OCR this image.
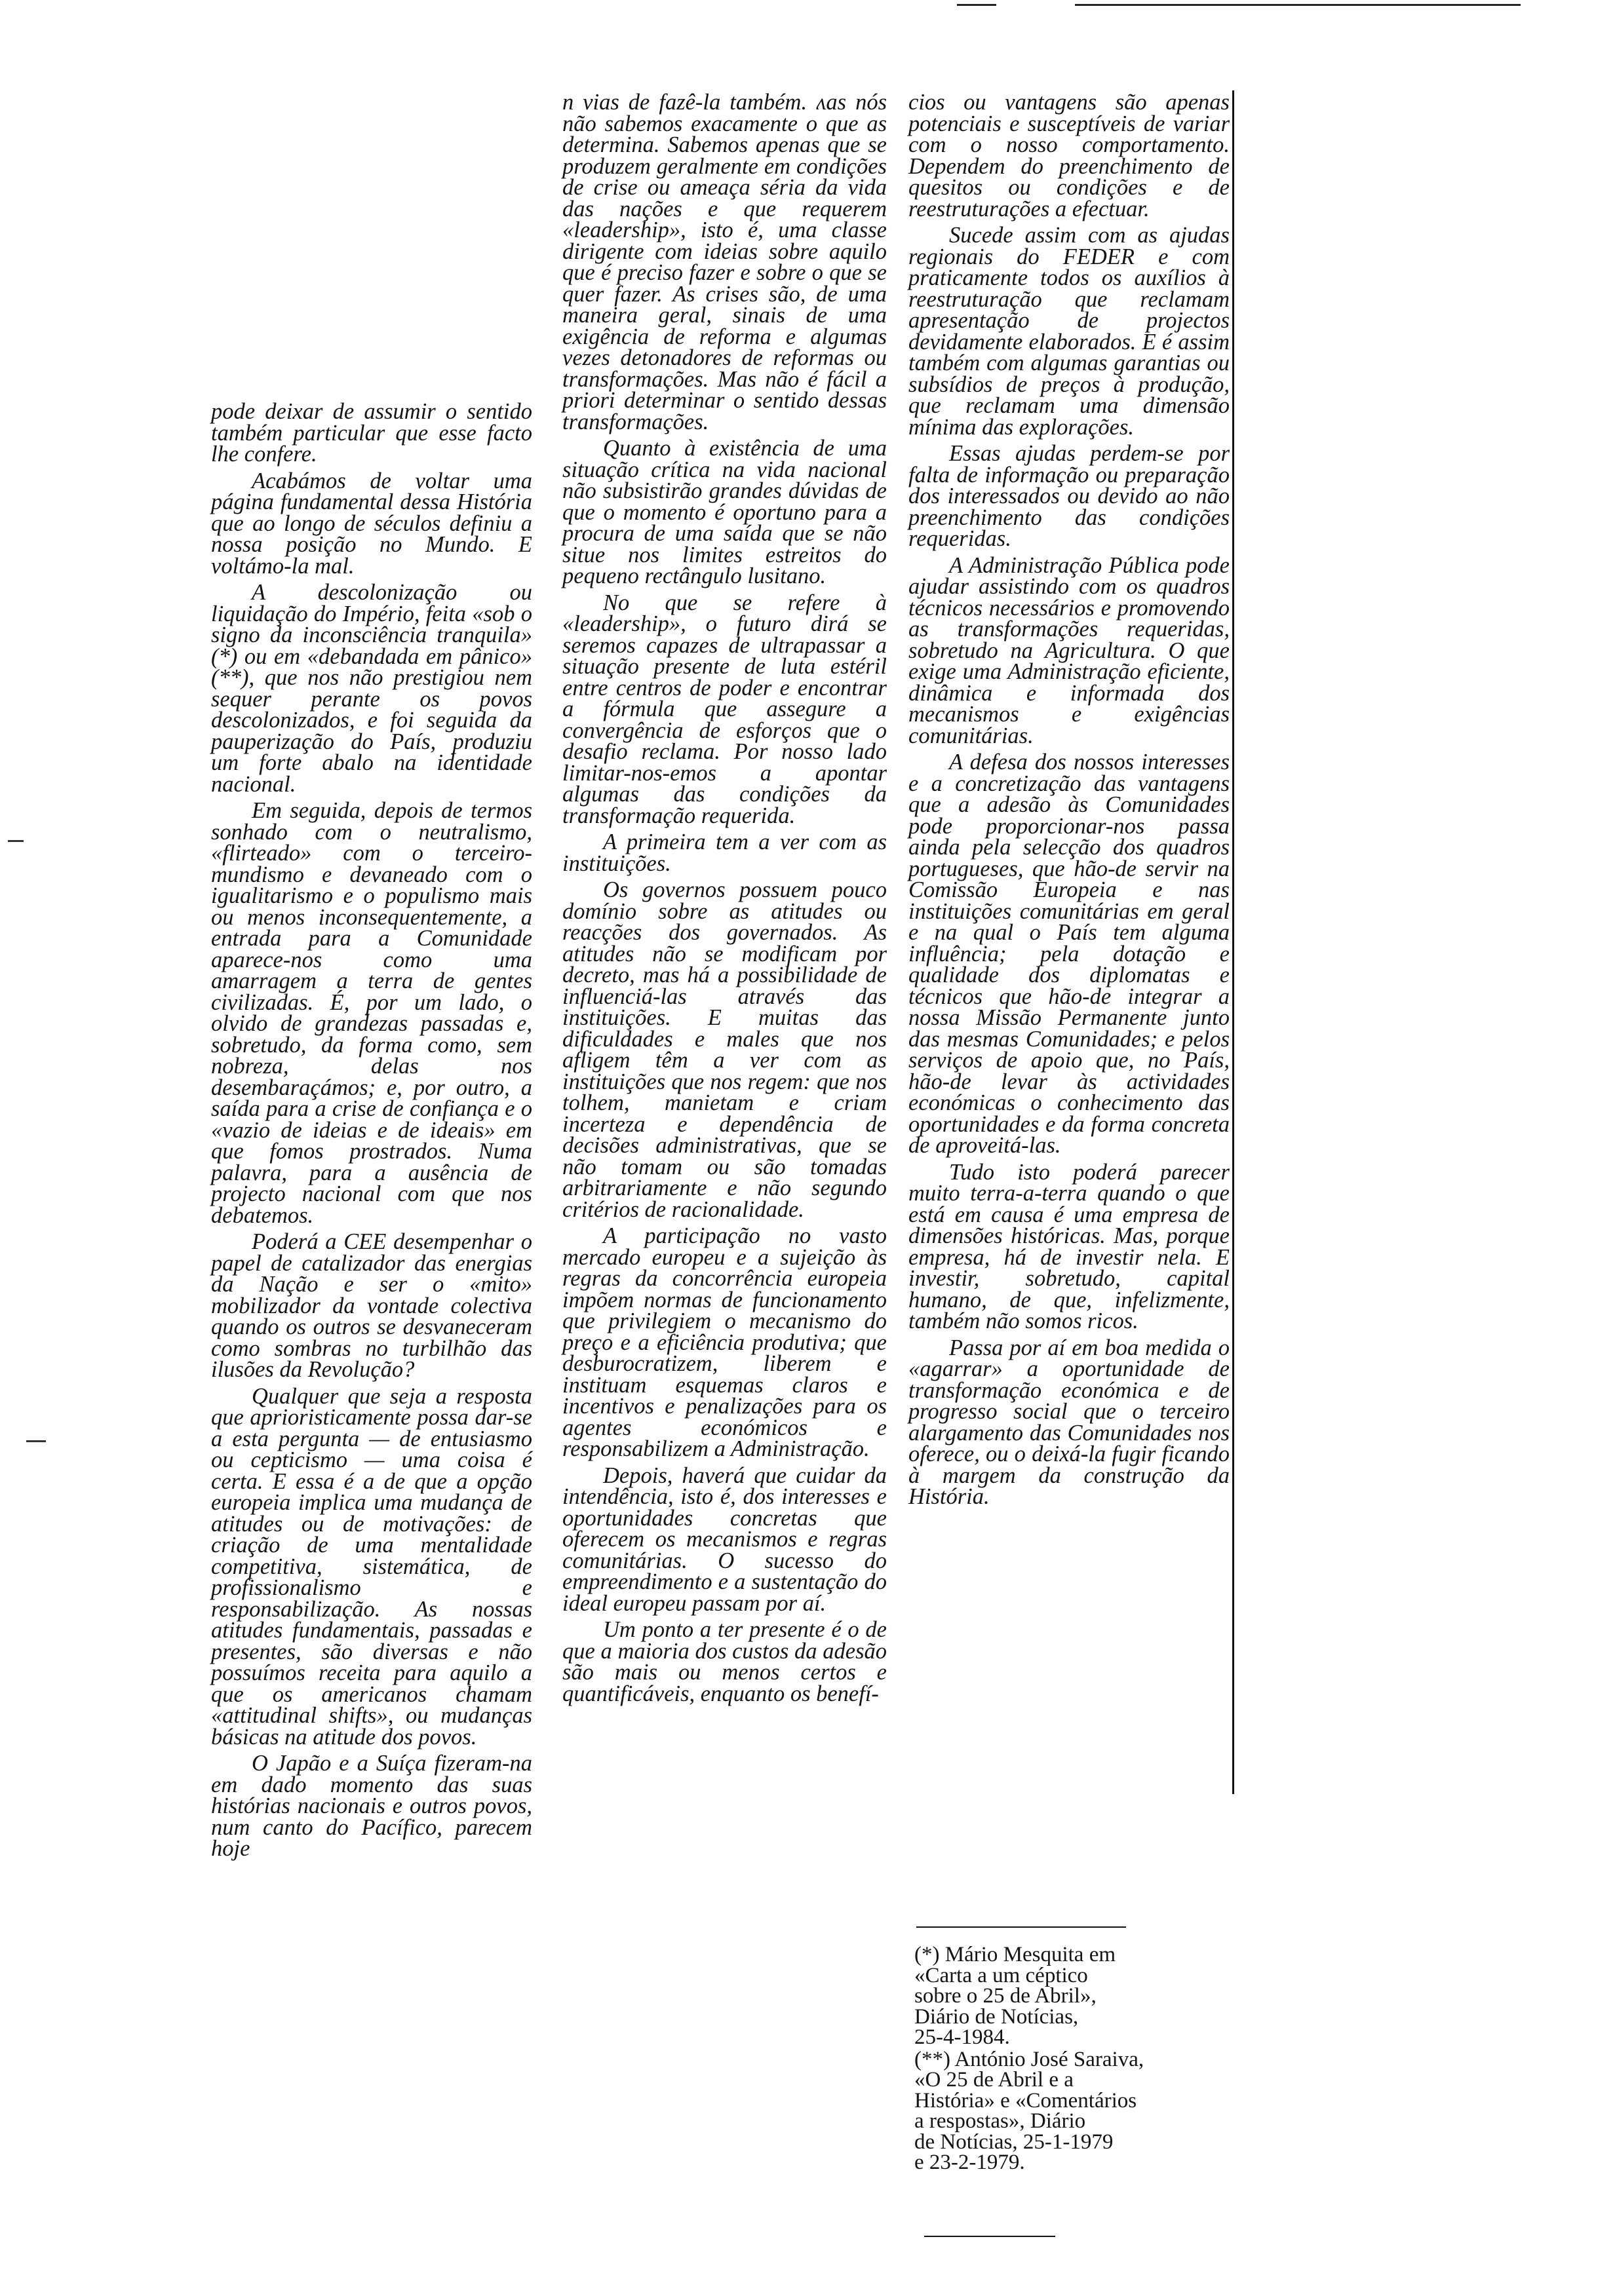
pode deixar de assumir o sentido também particular que esse facto lhe confere.

Acabámos de voltar uma página fundamental dessa História que ao longo de séculos definiu a nossa posição no Mundo. E voltámo-la mal.

A descolonização ou liquidação do Império, feita «sob o signo da inconsciência tranquila» (*) ou em «debandada em pânico» (**), que nos não prestigiou nem sequer perante os povos descolonizados, e foi seguida da pauperização do País, produziu um forte abalo na identidade nacional.

Em seguida, depois de termos sonhado com o neutralismo, «flirteado» com o terceiro-mundismo e devaneado com o igualitarismo e o populismo mais ou menos inconsequentemente, a entrada para a Comunidade aparece-nos como uma amarragem a terra de gentes civilizadas. É, por um lado, o olvido de grandezas passadas e, sobretudo, da forma como, sem nobreza, delas nos desembaraçámos; e, por outro, a saída para a crise de confiança e o «vazio de ideias e de ideais» em que fomos prostrados. Numa palavra, para a ausência de projecto nacional com que nos debatemos.

Poderá a CEE desempenhar o papel de catalizador das energias da Nação e ser o «mito» mobilizador da vontade colectiva quando os outros se desvaneceram como sombras no turbilhão das ilusões da Revolução?

Qualquer que seja a resposta que aprioristicamente possa dar-se a esta pergunta — de entusiasmo ou cepticismo — uma coisa é certa. E essa é a de que a opção europeia implica uma mudança de atitudes ou de motivações: de criação de uma mentalidade competitiva, sistemática, de profissionalismo e responsabilização. As nossas atitudes fundamentais, passadas e presentes, são diversas e não possuímos receita para aquilo a que os americanos chamam «attitudinal shifts», ou mudanças básicas na atitude dos povos.

O Japão e a Suíça fizeram-na em dado momento das suas histórias nacionais e outros povos, num canto do Pacífico, parecem hoje

n vias de fazê-la também. ʌas nós não sabemos exacamente o que as determina. Sabemos apenas que se produzem geralmente em condições de crise ou ameaça séria da vida das nações e que requerem «leadership», isto é, uma classe dirigente com ideias sobre aquilo que é preciso fazer e sobre o que se quer fazer. As crises são, de uma maneira geral, sinais de uma exigência de reforma e algumas vezes detonadores de reformas ou transformações. Mas não é fácil a priori determinar o sentido dessas transformações.

Quanto à existência de uma situação crítica na vida nacional não subsistirão grandes dúvidas de que o momento é oportuno para a procura de uma saída que se não situe nos limites estreitos do pequeno rectângulo lusitano.

No que se refere à «leadership», o futuro dirá se seremos capazes de ultrapassar a situação presente de luta estéril entre centros de poder e encontrar a fórmula que assegure a convergência de esforços que o desafio reclama. Por nosso lado limitar-nos-emos a apontar algumas das condições da transformação requerida.

A primeira tem a ver com as instituições.

Os governos possuem pouco domínio sobre as atitudes ou reacções dos governados. As atitudes não se modificam por decreto, mas há a possibilidade de influenciá-las através das instituições. E muitas das dificuldades e males que nos afligem têm a ver com as instituições que nos regem: que nos tolhem, manietam e criam incerteza e dependência de decisões administrativas, que se não tomam ou são tomadas arbitrariamente e não segundo critérios de racionalidade.

A participação no vasto mercado europeu e a sujeição às regras da concorrência europeia impõem normas de funcionamento que privilegiem o mecanismo do preço e a eficiência produtiva; que desburocratizem, liberem e instituam esquemas claros e incentivos e penalizações para os agentes económicos e responsabilizem a Administração.

Depois, haverá que cuidar da intendência, isto é, dos interesses e oportunidades concretas que oferecem os mecanismos e regras comunitárias. O sucesso do empreendimento e a sustentação do ideal europeu passam por aí.

Um ponto a ter presente é o de que a maioria dos custos da adesão são mais ou menos certos e quantificáveis, enquanto os benefí-

cios ou vantagens são apenas potenciais e susceptíveis de variar com o nosso comportamento. Dependem do preenchimento de quesitos ou condições e de reestruturações a efectuar.

Sucede assim com as ajudas regionais do FEDER e com praticamente todos os auxílios à reestruturação que reclamam apresentação de projectos devidamente elaborados. E é assim também com algumas garantias ou subsídios de preços à produção, que reclamam uma dimensão mínima das explorações.

Essas ajudas perdem-se por falta de informação ou preparação dos interessados ou devido ao não preenchimento das condições requeridas.

A Administração Pública pode ajudar assistindo com os quadros técnicos necessários e promovendo as transformações requeridas, sobretudo na Agricultura. O que exige uma Administração eficiente, dinâmica e informada dos mecanismos e exigências comunitárias.

A defesa dos nossos interesses e a concretização das vantagens que a adesão às Comunidades pode proporcionar-nos passa ainda pela selecção dos quadros portugueses, que hão-de servir na Comissão Europeia e nas instituições comunitárias em geral e na qual o País tem alguma influência; pela dotação e qualidade dos diplomatas e técnicos que hão-de integrar a nossa Missão Permanente junto das mesmas Comunidades; e pelos serviços de apoio que, no País, hão-de levar às actividades económicas o conhecimento das oportunidades e da forma concreta de aproveitá-las.

Tudo isto poderá parecer muito terra-a-terra quando o que está em causa é uma empresa de dimensões históricas. Mas, porque empresa, há de investir nela. E investir, sobretudo, capital humano, de que, infelizmente, também não somos ricos.

Passa por aí em boa medida o «agarrar» a oportunidade de transformação económica e de progresso social que o terceiro alargamento das Comunidades nos oferece, ou o deixá-la fugir ficando à margem da construção da História.

(*) Mário Mesquita em
«Carta a um céptico
sobre o 25 de Abril»,
Diário de Notícias,
25-4-1984.

(**) António José Saraiva,
«O 25 de Abril e a
História» e «Comentários
a respostas», Diário
de Notícias, 25-1-1979
e 23-2-1979.
